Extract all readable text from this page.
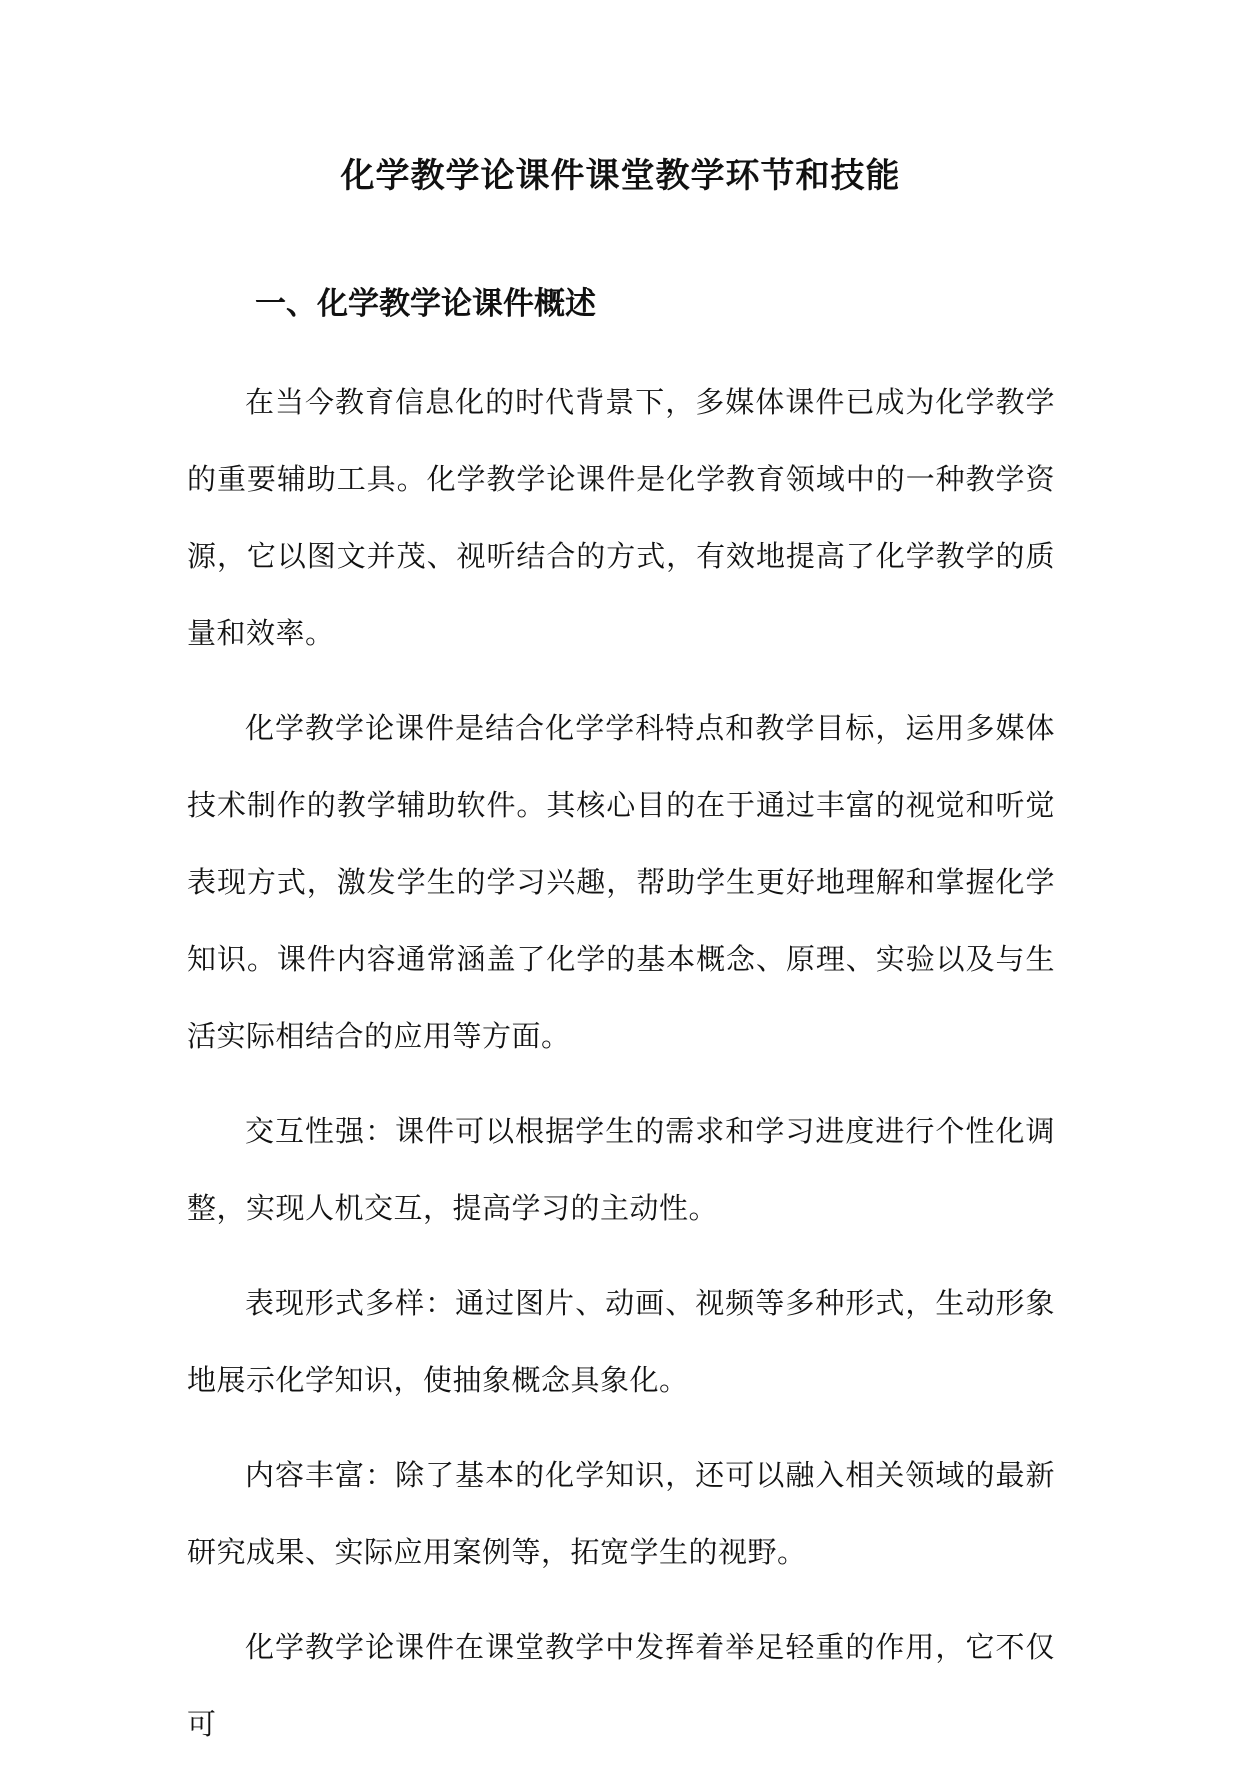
化学教学论课件课堂教学环节和技能
一、化学教学论课件概述

在当今教育信息化的时代背景下，多媒体课件已成为化学教学的重要辅助工具。化学教学论课件是化学教育领域中的一种教学资源，它以图文并茂、视听结合的方式，有效地提高了化学教学的质量和效率。

化学教学论课件是结合化学学科特点和教学目标，运用多媒体技术制作的教学辅助软件。其核心目的在于通过丰富的视觉和听觉表现方式，激发学生的学习兴趣，帮助学生更好地理解和掌握化学知识。课件内容通常涵盖了化学的基本概念、原理、实验以及与生活实际相结合的应用等方面。

交互性强：课件可以根据学生的需求和学习进度进行个性化调整，实现人机交互，提高学习的主动性。

表现形式多样：通过图片、动画、视频等多种形式，生动形象地展示化学知识，使抽象概念具象化。

内容丰富：除了基本的化学知识，还可以融入相关领域的最新研究成果、实际应用案例等，拓宽学生的视野。

化学教学论课件在课堂教学中发挥着举足轻重的作用，它不仅可
